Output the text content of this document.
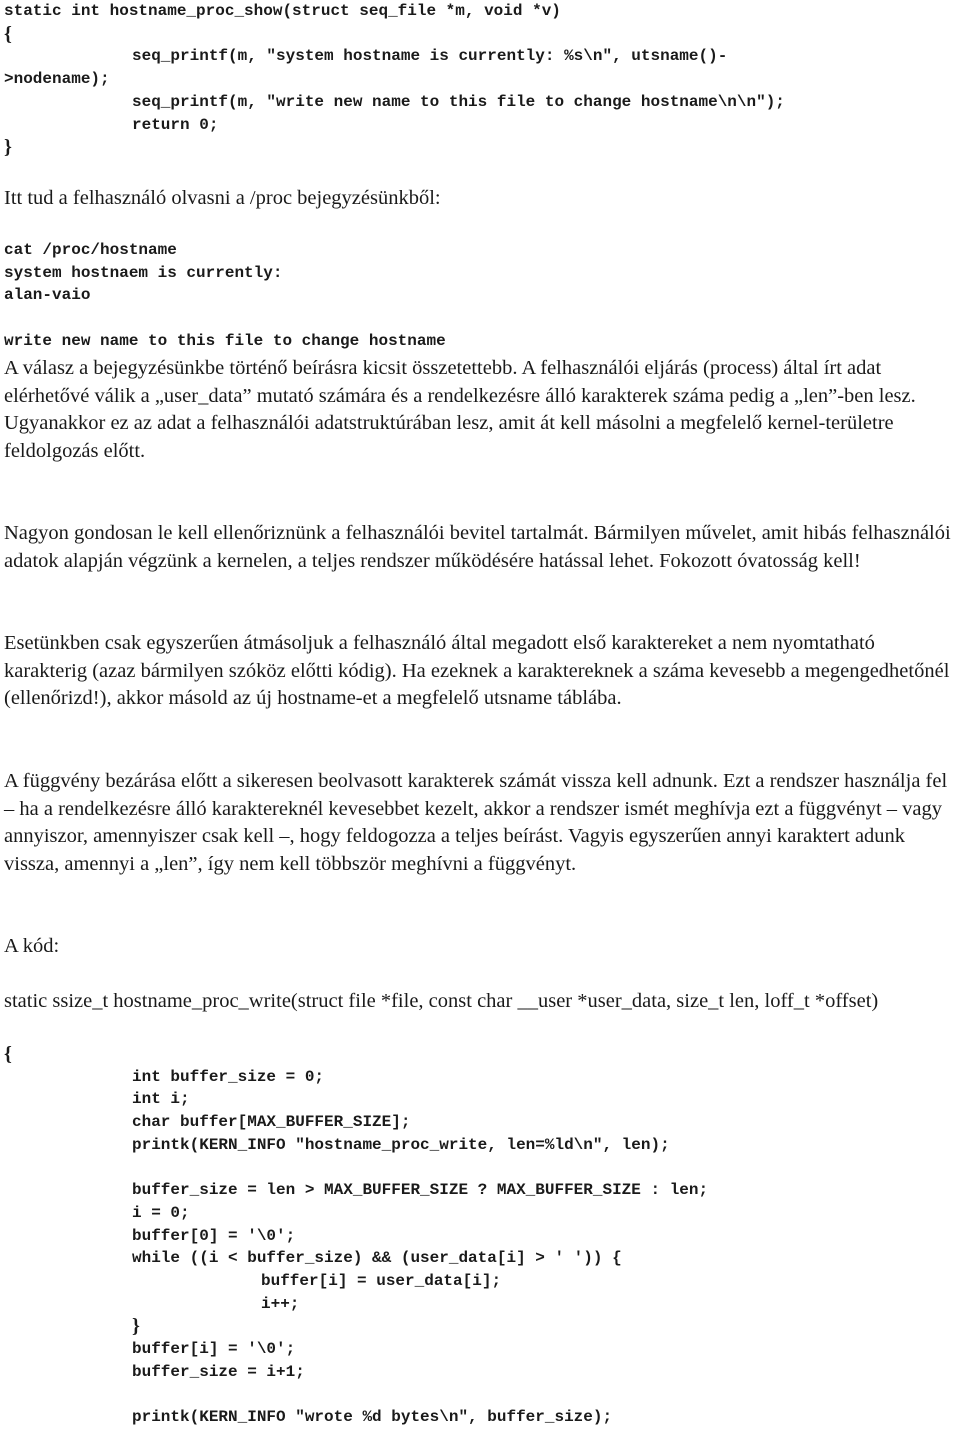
static int hostname_proc_show(struct seq_file *m, void *v)
{
seq_printf(m, "system hostname is currently: %s\n", utsname()-
>nodename);
seq_printf(m, "write new name to this file to change hostname\n\n");
return 0;
}

Itt tud a felhasználó olvasni a /proc bejegyzésünkből:

cat /proc/hostname
system hostnaem is currently:
alan-vaio
write new name to this file to change hostname

A válasz a bejegyzésünkbe történő beírásra kicsit összetettebb. A felhasználói eljárás (process) által írt adat elérhetővé válik a „user_data” mutató számára és a rendelkezésre álló karakterek száma pedig a „len”-ben lesz. Ugyanakkor ez az adat a felhasználói adatstruktúrában lesz, amit át kell másolni a megfelelő kernel-területre feldolgozás előtt.

Nagyon gondosan le kell ellenőriznünk a felhasználói bevitel tartalmát. Bármilyen művelet, amit hibás felhasználói adatok alapján végzünk a kernelen, a teljes rendszer működésére hatással lehet. Fokozott óvatosság kell!

Esetünkben csak egyszerűen átmásoljuk a felhasználó által megadott első karaktereket a nem nyomtatható karakterig (azaz bármilyen szóköz előtti kódig). Ha ezeknek a karaktereknek a száma kevesebb a megengedhetőnél (ellenőrizd!), akkor másold az új hostname-et a megfelelő utsname táblába.

A függvény bezárása előtt a sikeresen beolvasott karakterek számát vissza kell adnunk. Ezt a rendszer használja fel – ha a rendelkezésre álló karaktereknél kevesebbet kezelt, akkor a rendszer ismét meghívja ezt a függvényt – vagy annyiszor, amennyiszer csak kell –, hogy feldogozza a teljes beírást. Vagyis egyszerűen annyi karaktert adunk vissza, amennyi a „len”, így nem kell többször meghívni a függvényt.

A kód:

static ssize_t hostname_proc_write(struct file *file, const char __user *user_data, size_t len, loff_t *offset)

{
int buffer_size = 0;
int i;
char buffer[MAX_BUFFER_SIZE];
printk(KERN_INFO "hostname_proc_write, len=%ld\n", len);
buffer_size = len > MAX_BUFFER_SIZE ? MAX_BUFFER_SIZE : len;
i = 0;
buffer[0] = '\0';
while ((i < buffer_size) && (user_data[i] > ' ')) {
buffer[i] = user_data[i];
i++;
}
buffer[i] = '\0';
buffer_size = i+1;
printk(KERN_INFO "wrote %d bytes\n", buffer_size);
